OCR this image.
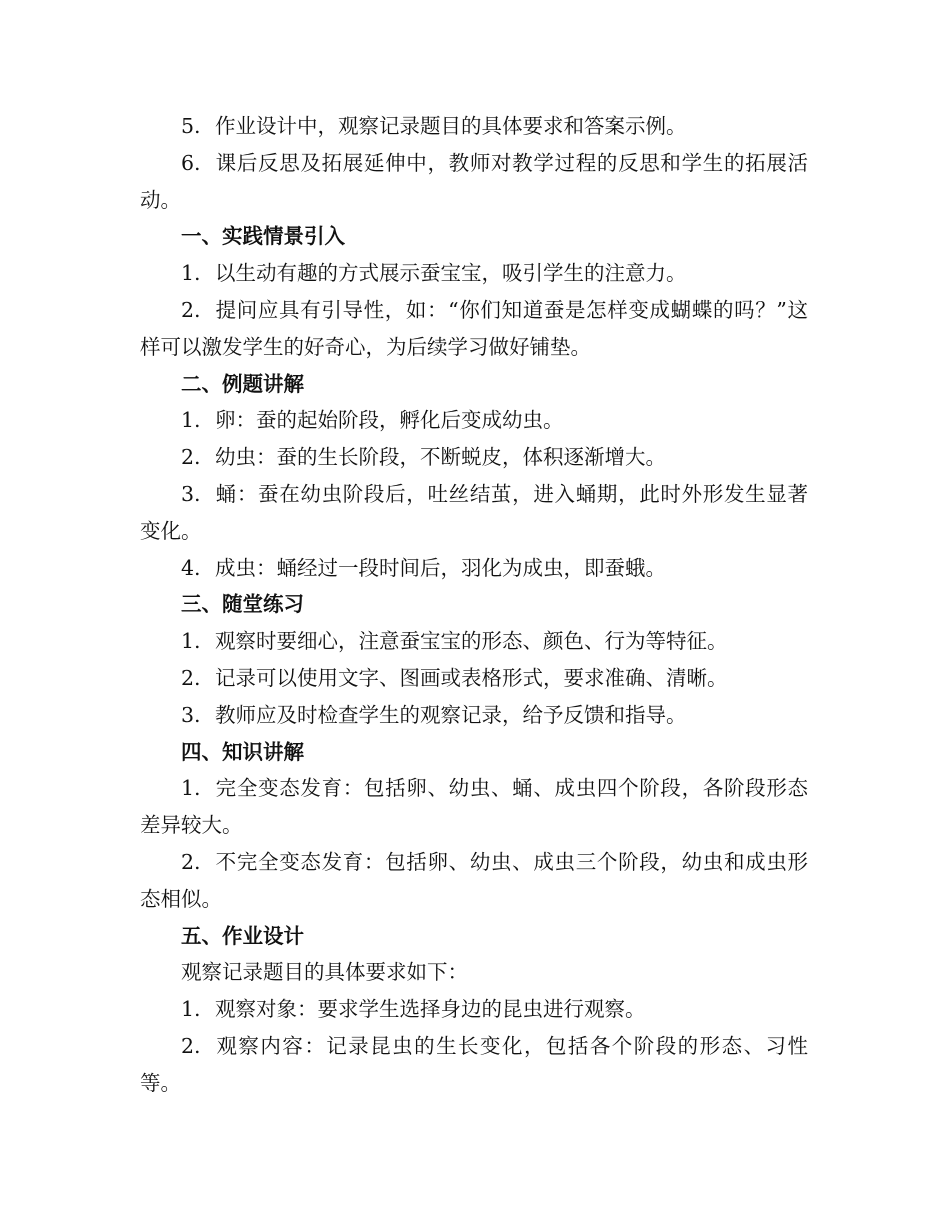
5. 作业设计中，观察记录题目的具体要求和答案示例。

6. 课后反思及拓展延伸中，教师对教学过程的反思和学生的拓展活动。

一、实践情景引入

1. 以生动有趣的方式展示蚕宝宝，吸引学生的注意力。

2. 提问应具有引导性，如：“你们知道蚕是怎样变成蝴蝶的吗？”这样可以激发学生的好奇心，为后续学习做好铺垫。

二、例题讲解

1. 卵：蚕的起始阶段，孵化后变成幼虫。

2. 幼虫：蚕的生长阶段，不断蜕皮，体积逐渐增大。

3. 蛹：蚕在幼虫阶段后，吐丝结茧，进入蛹期，此时外形发生显著变化。

4. 成虫：蛹经过一段时间后，羽化为成虫，即蚕蛾。

三、随堂练习

1. 观察时要细心，注意蚕宝宝的形态、颜色、行为等特征。

2. 记录可以使用文字、图画或表格形式，要求准确、清晰。

3. 教师应及时检查学生的观察记录，给予反馈和指导。

四、知识讲解

1. 完全变态发育：包括卵、幼虫、蛹、成虫四个阶段，各阶段形态差异较大。

2. 不完全变态发育：包括卵、幼虫、成虫三个阶段，幼虫和成虫形态相似。

五、作业设计

观察记录题目的具体要求如下：

1. 观察对象：要求学生选择身边的昆虫进行观察。

2. 观察内容：记录昆虫的生长变化，包括各个阶段的形态、习性等。
